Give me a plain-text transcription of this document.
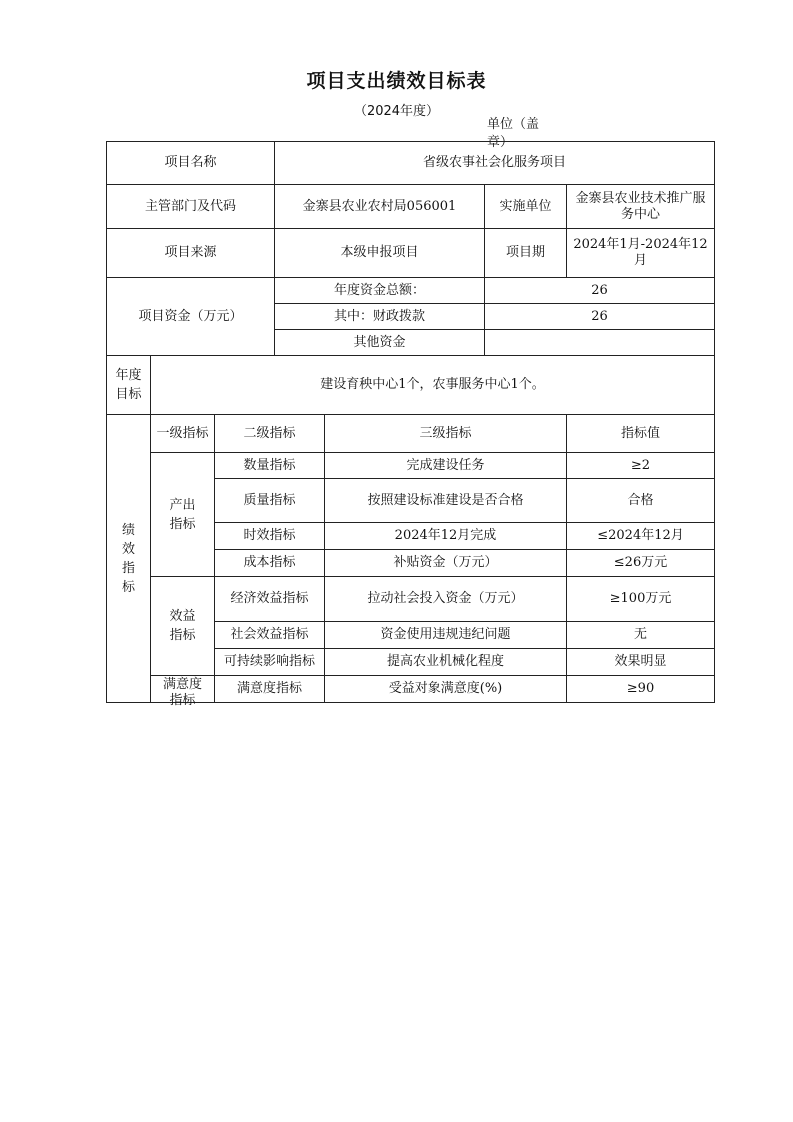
项目支出绩效目标表
（2024年度）
单位（盖章）
项目名称			省级农事社会化服务项目			
主管部门及代码			金寨县农业农村局056001		实施单位	金寨县农业技术推广服务中心
项目来源			本级申报项目		项目期	2024年1月-2024年12月
项目资金（万元）			年度资金总额：		26	
			其中：财政拨款		26	
			其他资金			
年度目标	建设育秧中心1个，农事服务中心1个。					
绩效指标	一级指标	二级指标		三级指标		指标值
	产出指标	数量指标		完成建设任务		≥2
		质量指标		按照建设标准建设是否合格		合格
		时效指标		2024年12月完成		≤2024年12月
		成本指标		补贴资金（万元）		≤26万元
	效益指标	经济效益指标		拉动社会投入资金（万元）		≥100万元
		社会效益指标		资金使用违规违纪问题		无
		可持续影响指标		提高农业机械化程度		效果明显

	满意度指标	满意度指标		受益对象满意度(%)		≥90
